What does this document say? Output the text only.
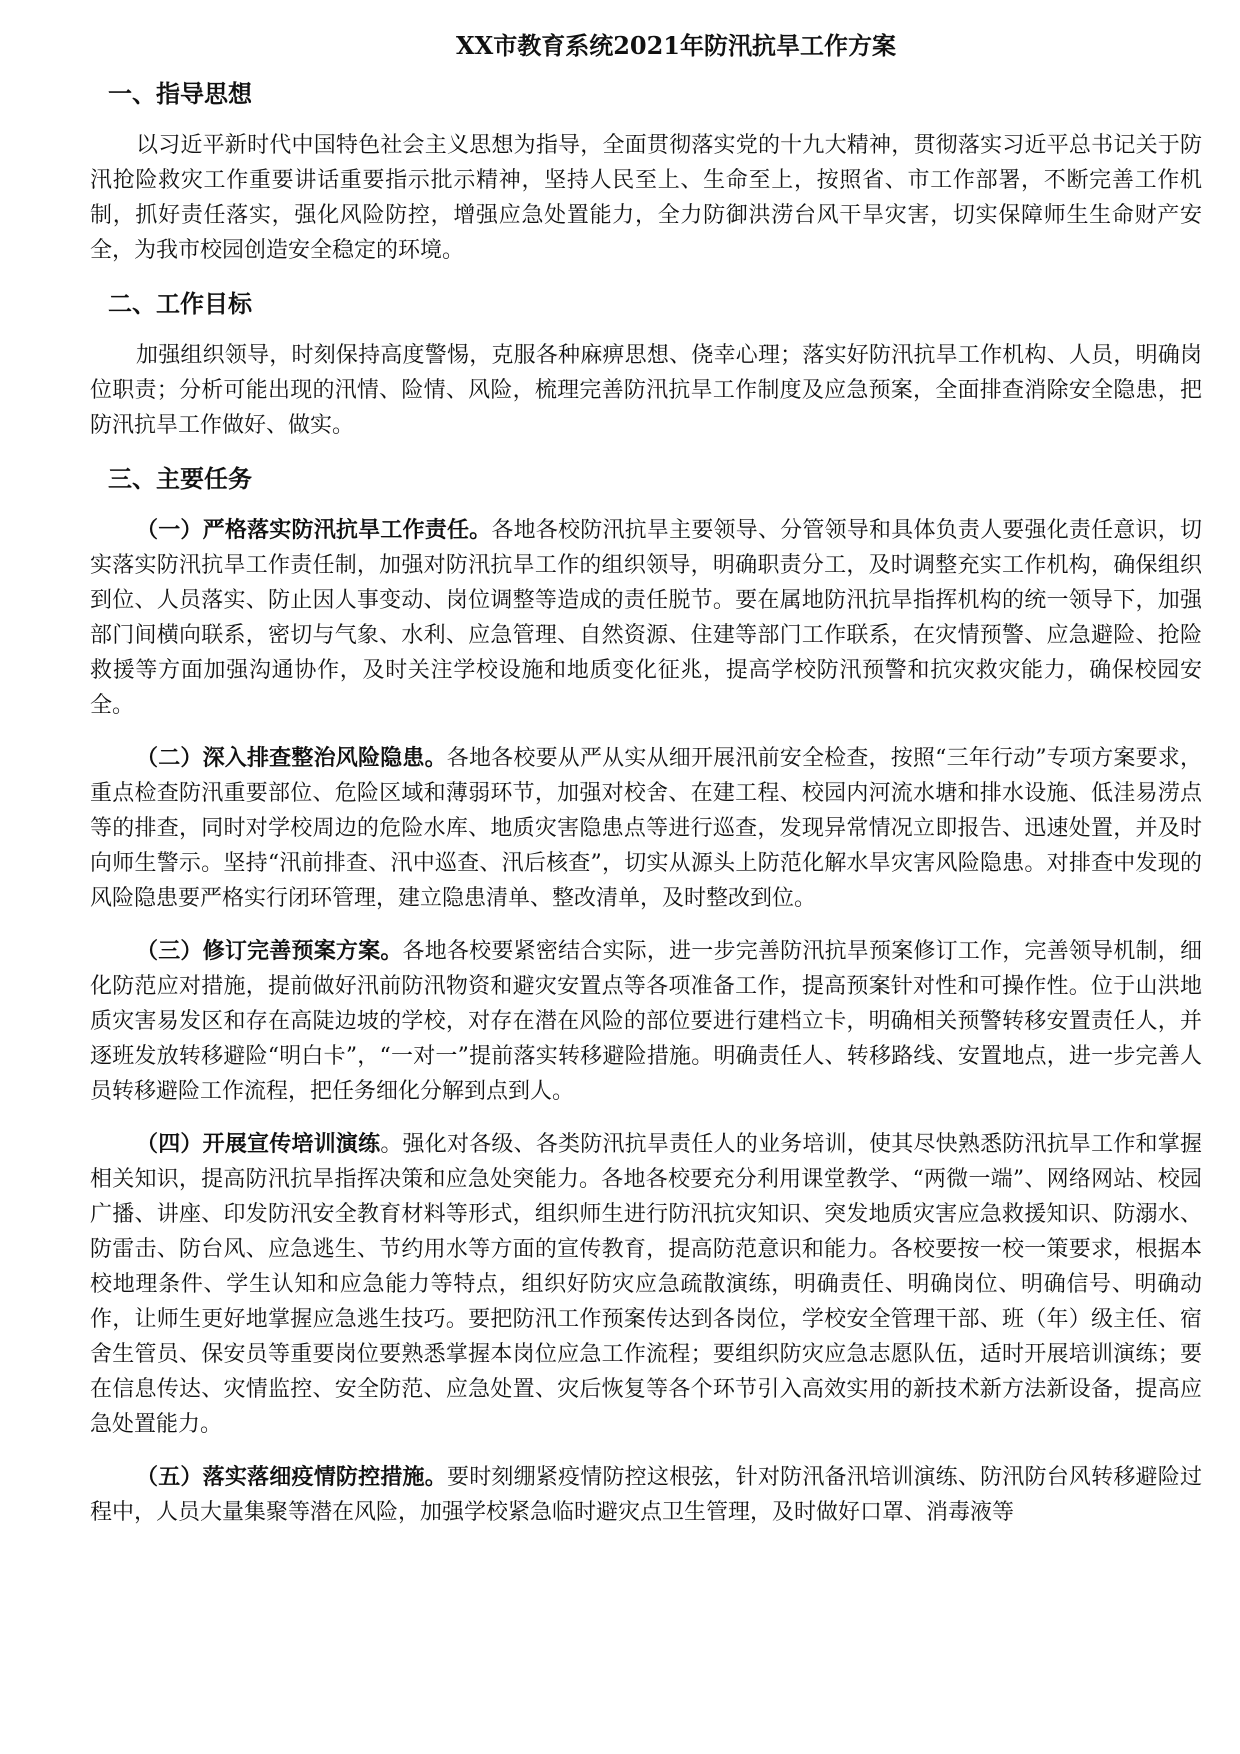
XX市教育系统2021年防汛抗旱工作方案
一、指导思想

以习近平新时代中国特色社会主义思想为指导，全面贯彻落实党的十九大精神，贯彻落实习近平总书记关于防汛抢险救灾工作重要讲话重要指示批示精神，坚持人民至上、生命至上，按照省、市工作部署，不断完善工作机制，抓好责任落实，强化风险防控，增强应急处置能力，全力防御洪涝台风干旱灾害，切实保障师生生命财产安全，为我市校园创造安全稳定的环境。

二、工作目标

加强组织领导，时刻保持高度警惕，克服各种麻痹思想、侥幸心理；落实好防汛抗旱工作机构、人员，明确岗位职责；分析可能出现的汛情、险情、风险，梳理完善防汛抗旱工作制度及应急预案，全面排查消除安全隐患，把防汛抗旱工作做好、做实。

三、主要任务

（一）严格落实防汛抗旱工作责任。各地各校防汛抗旱主要领导、分管领导和具体负责人要强化责任意识，切实落实防汛抗旱工作责任制，加强对防汛抗旱工作的组织领导，明确职责分工，及时调整充实工作机构，确保组织到位、人员落实、防止因人事变动、岗位调整等造成的责任脱节。要在属地防汛抗旱指挥机构的统一领导下，加强部门间横向联系，密切与气象、水利、应急管理、自然资源、住建等部门工作联系，在灾情预警、应急避险、抢险救援等方面加强沟通协作，及时关注学校设施和地质变化征兆，提高学校防汛预警和抗灾救灾能力，确保校园安全。

（二）深入排查整治风险隐患。各地各校要从严从实从细开展汛前安全检查，按照“三年行动”专项方案要求，重点检查防汛重要部位、危险区域和薄弱环节，加强对校舍、在建工程、校园内河流水塘和排水设施、低洼易涝点等的排查，同时对学校周边的危险水库、地质灾害隐患点等进行巡查，发现异常情况立即报告、迅速处置，并及时向师生警示。坚持“汛前排查、汛中巡查、汛后核查”，切实从源头上防范化解水旱灾害风险隐患。对排查中发现的风险隐患要严格实行闭环管理，建立隐患清单、整改清单，及时整改到位。

（三）修订完善预案方案。各地各校要紧密结合实际，进一步完善防汛抗旱预案修订工作，完善领导机制，细化防范应对措施，提前做好汛前防汛物资和避灾安置点等各项准备工作，提高预案针对性和可操作性。位于山洪地质灾害易发区和存在高陡边坡的学校，对存在潜在风险的部位要进行建档立卡，明确相关预警转移安置责任人，并逐班发放转移避险“明白卡”，“一对一”提前落实转移避险措施。明确责任人、转移路线、安置地点，进一步完善人员转移避险工作流程，把任务细化分解到点到人。

（四）开展宣传培训演练。强化对各级、各类防汛抗旱责任人的业务培训，使其尽快熟悉防汛抗旱工作和掌握相关知识，提高防汛抗旱指挥决策和应急处突能力。各地各校要充分利用课堂教学、“两微一端”、网络网站、校园广播、讲座、印发防汛安全教育材料等形式，组织师生进行防汛抗灾知识、突发地质灾害应急救援知识、防溺水、防雷击、防台风、应急逃生、节约用水等方面的宣传教育，提高防范意识和能力。各校要按一校一策要求，根据本校地理条件、学生认知和应急能力等特点，组织好防灾应急疏散演练，明确责任、明确岗位、明确信号、明确动作，让师生更好地掌握应急逃生技巧。要把防汛工作预案传达到各岗位，学校安全管理干部、班（年）级主任、宿舍生管员、保安员等重要岗位要熟悉掌握本岗位应急工作流程；要组织防灾应急志愿队伍，适时开展培训演练；要在信息传达、灾情监控、安全防范、应急处置、灾后恢复等各个环节引入高效实用的新技术新方法新设备，提高应急处置能力。

（五）落实落细疫情防控措施。要时刻绷紧疫情防控这根弦，针对防汛备汛培训演练、防汛防台风转移避险过程中，人员大量集聚等潜在风险，加强学校紧急临时避灾点卫生管理，及时做好口罩、消毒液等
